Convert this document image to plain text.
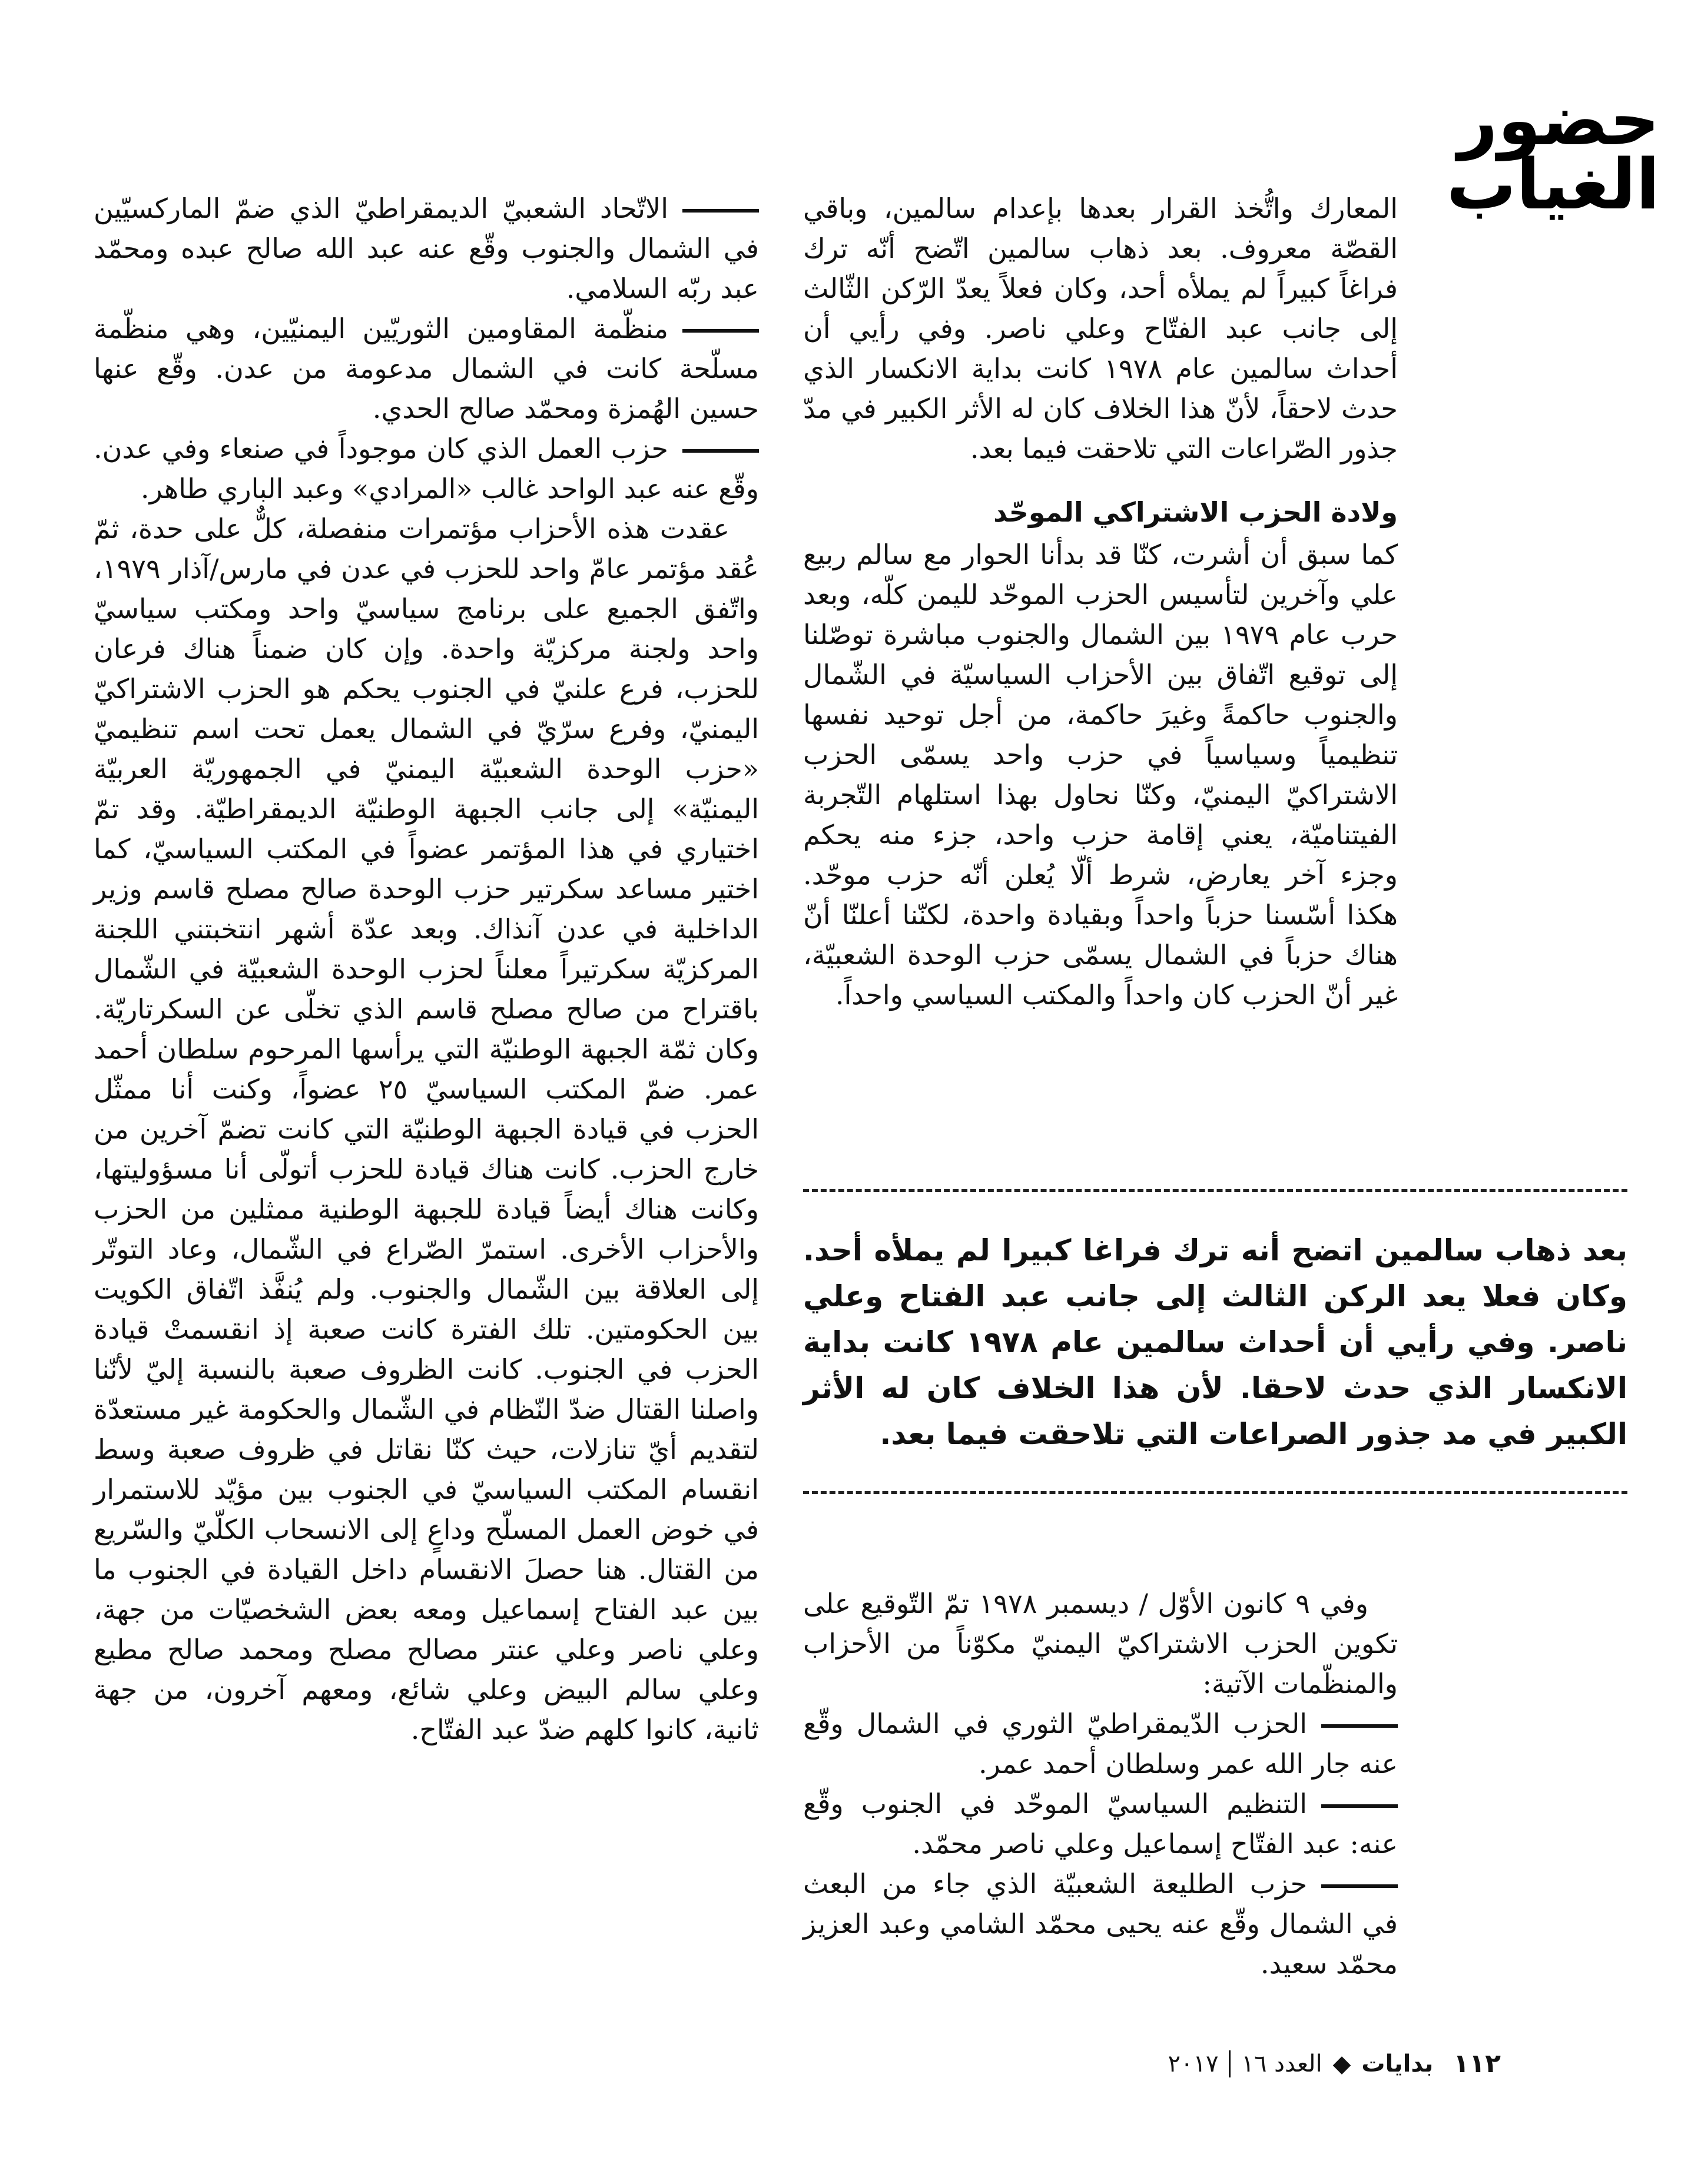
حضور
الغياب

المعارك واتُّخذ القرار بعدها بإعدام سالمين، وباقي القصّة معروف. بعد ذهاب سالمين اتّضح أنّه ترك فراغاً كبيراً لم يملأه أحد، وكان فعلاً يعدّ الرّكن الثّالث إلى جانب عبد الفتّاح وعلي ناصر. وفي رأيي أن أحداث سالمين عام ١٩٧٨ كانت بداية الانكسار الذي حدث لاحقاً، لأنّ هذا الخلاف كان له الأثر الكبير في مدّ جذور الصّراعات التي تلاحقت فيما بعد.

ولادة الحزب الاشتراكي الموحّد

كما سبق أن أشرت، كنّا قد بدأنا الحوار مع سالم ربيع علي وآخرين لتأسيس الحزب الموحّد لليمن كلّه، وبعد حرب عام ١٩٧٩ بين الشمال والجنوب مباشرة توصّلنا إلى توقيع اتّفاق بين الأحزاب السياسيّة في الشّمال والجنوب حاكمةً وغيرَ حاكمة، من أجل توحيد نفسها تنظيمياً وسياسياً في حزب واحد يسمّى الحزب الاشتراكيّ اليمنيّ، وكنّا نحاول بهذا استلهام التّجربة الفيتناميّة، يعني إقامة حزب واحد، جزء منه يحكم وجزء آخر يعارض، شرط ألّا يُعلن أنّه حزب موحّد. هكذا أسّسنا حزباً واحداً وبقيادة واحدة، لكنّنا أعلنّا أنّ هناك حزباً في الشمال يسمّى حزب الوحدة الشعبيّة، غير أنّ الحزب كان واحداً والمكتب السياسي واحداً.

بعد ذهاب سالمين اتضح أنه ترك فراغا كبيرا لم يملأه أحد. وكان فعلا يعد الركن الثالث إلى جانب عبد الفتاح وعلي ناصر. وفي رأيي أن أحداث سالمين عام ١٩٧٨ كانت بداية الانكسار الذي حدث لاحقا. لأن هذا الخلاف كان له الأثر الكبير في مد جذور الصراعات التي تلاحقت فيما بعد.

وفي ٩ كانون الأوّل / ديسمبر ١٩٧٨ تمّ التّوقيع على تكوين الحزب الاشتراكيّ اليمنيّ مكوّناً من الأحزاب والمنظّمات الآتية:

الحزب الدّيمقراطيّ الثوري في الشمال وقّع عنه جار الله عمر وسلطان أحمد عمر.

التنظيم السياسيّ الموحّد في الجنوب وقّع عنه: عبد الفتّاح إسماعيل وعلي ناصر محمّد.

حزب الطليعة الشعبيّة الذي جاء من البعث في الشمال وقّع عنه يحيى محمّد الشامي وعبد العزيز محمّد سعيد.

الاتّحاد الشعبيّ الديمقراطيّ الذي ضمّ الماركسيّين في الشمال والجنوب وقّع عنه عبد الله صالح عبده ومحمّد عبد ربّه السلامي.

منظّمة المقاومين الثوريّين اليمنيّين، وهي منظّمة مسلّحة كانت في الشمال مدعومة من عدن. وقّع عنها حسين الهُمزة ومحمّد صالح الحدي.

حزب العمل الذي كان موجوداً في صنعاء وفي عدن. وقّع عنه عبد الواحد غالب «المرادي» وعبد الباري طاهر.

عقدت هذه الأحزاب مؤتمرات منفصلة، كلٌّ على حدة، ثمّ عُقد مؤتمر عامّ واحد للحزب في عدن في مارس/آذار ١٩٧٩، واتّفق الجميع على برنامج سياسيّ واحد ومكتب سياسيّ واحد ولجنة مركزيّة واحدة. وإن كان ضمناً هناك فرعان للحزب، فرع علنيّ في الجنوب يحكم هو الحزب الاشتراكيّ اليمنيّ، وفرع سرّيّ في الشمال يعمل تحت اسم تنظيميّ «حزب الوحدة الشعبيّة اليمنيّ في الجمهوريّة العربيّة اليمنيّة» إلى جانب الجبهة الوطنيّة الديمقراطيّة. وقد تمّ اختياري في هذا المؤتمر عضواً في المكتب السياسيّ، كما اختير مساعد سكرتير حزب الوحدة صالح مصلح قاسم وزير الداخلية في عدن آنذاك. وبعد عدّة أشهر انتخبتني اللجنة المركزيّة سكرتيراً معلناً لحزب الوحدة الشعبيّة في الشّمال باقتراح من صالح مصلح قاسم الذي تخلّى عن السكرتاريّة. وكان ثمّة الجبهة الوطنيّة التي يرأسها المرحوم سلطان أحمد عمر. ضمّ المكتب السياسيّ ٢٥ عضواً، وكنت أنا ممثّل الحزب في قيادة الجبهة الوطنيّة التي كانت تضمّ آخرين من خارج الحزب. كانت هناك قيادة للحزب أتولّى أنا مسؤوليتها، وكانت هناك أيضاً قيادة للجبهة الوطنية ممثلين من الحزب والأحزاب الأخرى. استمرّ الصّراع في الشّمال، وعاد التوتّر إلى العلاقة بين الشّمال والجنوب. ولم يُنفَّذ اتّفاق الكويت بين الحكومتين. تلك الفترة كانت صعبة إذ انقسمتْ قيادة الحزب في الجنوب. كانت الظروف صعبة بالنسبة إليّ لأنّنا واصلنا القتال ضدّ النّظام في الشّمال والحكومة غير مستعدّة لتقديم أيّ تنازلات، حيث كنّا نقاتل في ظروف صعبة وسط انقسام المكتب السياسيّ في الجنوب بين مؤيّد للاستمرار في خوض العمل المسلّح وداعٍ إلى الانسحاب الكلّيّ والسّريع من القتال. هنا حصلَ الانقسام داخل القيادة في الجنوب ما بين عبد الفتاح إسماعيل ومعه بعض الشخصيّات من جهة، وعلي ناصر وعلي عنتر مصالح مصلح ومحمد صالح مطيع وعلي سالم البيض وعلي شائع، ومعهم آخرون، من جهة ثانية، كانوا كلهم ضدّ عبد الفتّاح.

١١٢
بدايات
◆
العدد ١٦
٢٠١٧
